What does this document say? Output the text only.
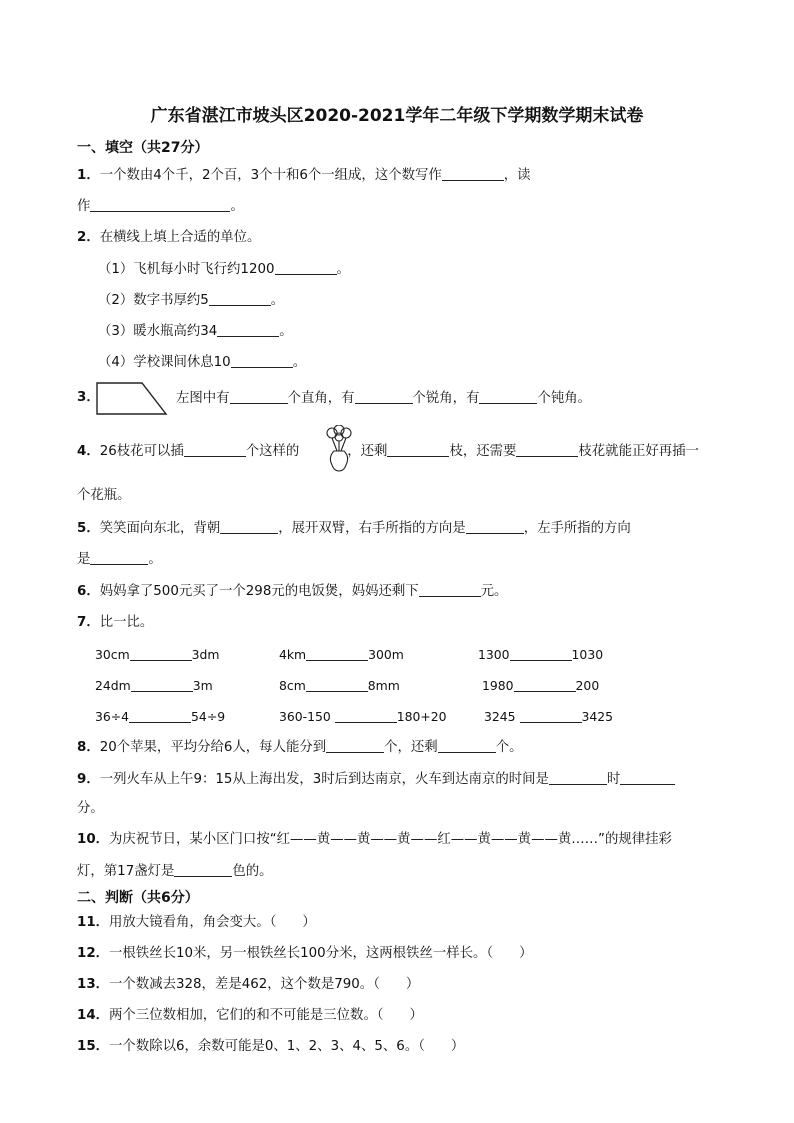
广东省湛江市坡头区2020-2021学年二年级下学期数学期末试卷
一、填空（共27分）
1．一个数由4个千，2个百，3个十和6个一组成，这个数写作	，读
作	。
2．在横线上填上合适的单位。
（1）飞机每小时飞行约1200	。
（2）数字书厚约5	。
（3）暖水瓶高约34	。
（4）学校课间休息10	。
3．	左图中有	个直角，有	个锐角，有	个钝角。
4．26枝花可以插	个这样的	，还剩	枝，还需要	枝花就能正好再插一
个花瓶。
5．笑笑面向东北，背朝	，展开双臂，右手所指的方向是	，左手所指的方向
是	。
6．妈妈拿了500元买了一个298元的电饭煲，妈妈还剩下	元。
7．比一比。
30cm	3dm	4km	300m	1300	1030
24dm	3m	8cm	8mm	1980	200
36÷4	54÷9	360-150	180+20	3245	3425
8．20个苹果，平均分给6人，每人能分到	个，还剩	个。
9．一列火车从上午9：15从上海出发，3时后到达南京，火车到达南京的时间是	时
分。
10．为庆祝节日，某小区门口按“红——黄——黄——黄——红——黄——黄——黄……”的规律挂彩
灯，第17盏灯是	色的。
二、判断（共6分）
11．用放大镜看角，角会变大。（ ）
12．一根铁丝长10米，另一根铁丝长100分米，这两根铁丝一样长。（ ）
13．一个数减去328，差是462，这个数是790。（ ）
14．两个三位数相加，它们的和不可能是三位数。（ ）
15．一个数除以6，余数可能是0、1、2、3、4、5、6。（ ）
